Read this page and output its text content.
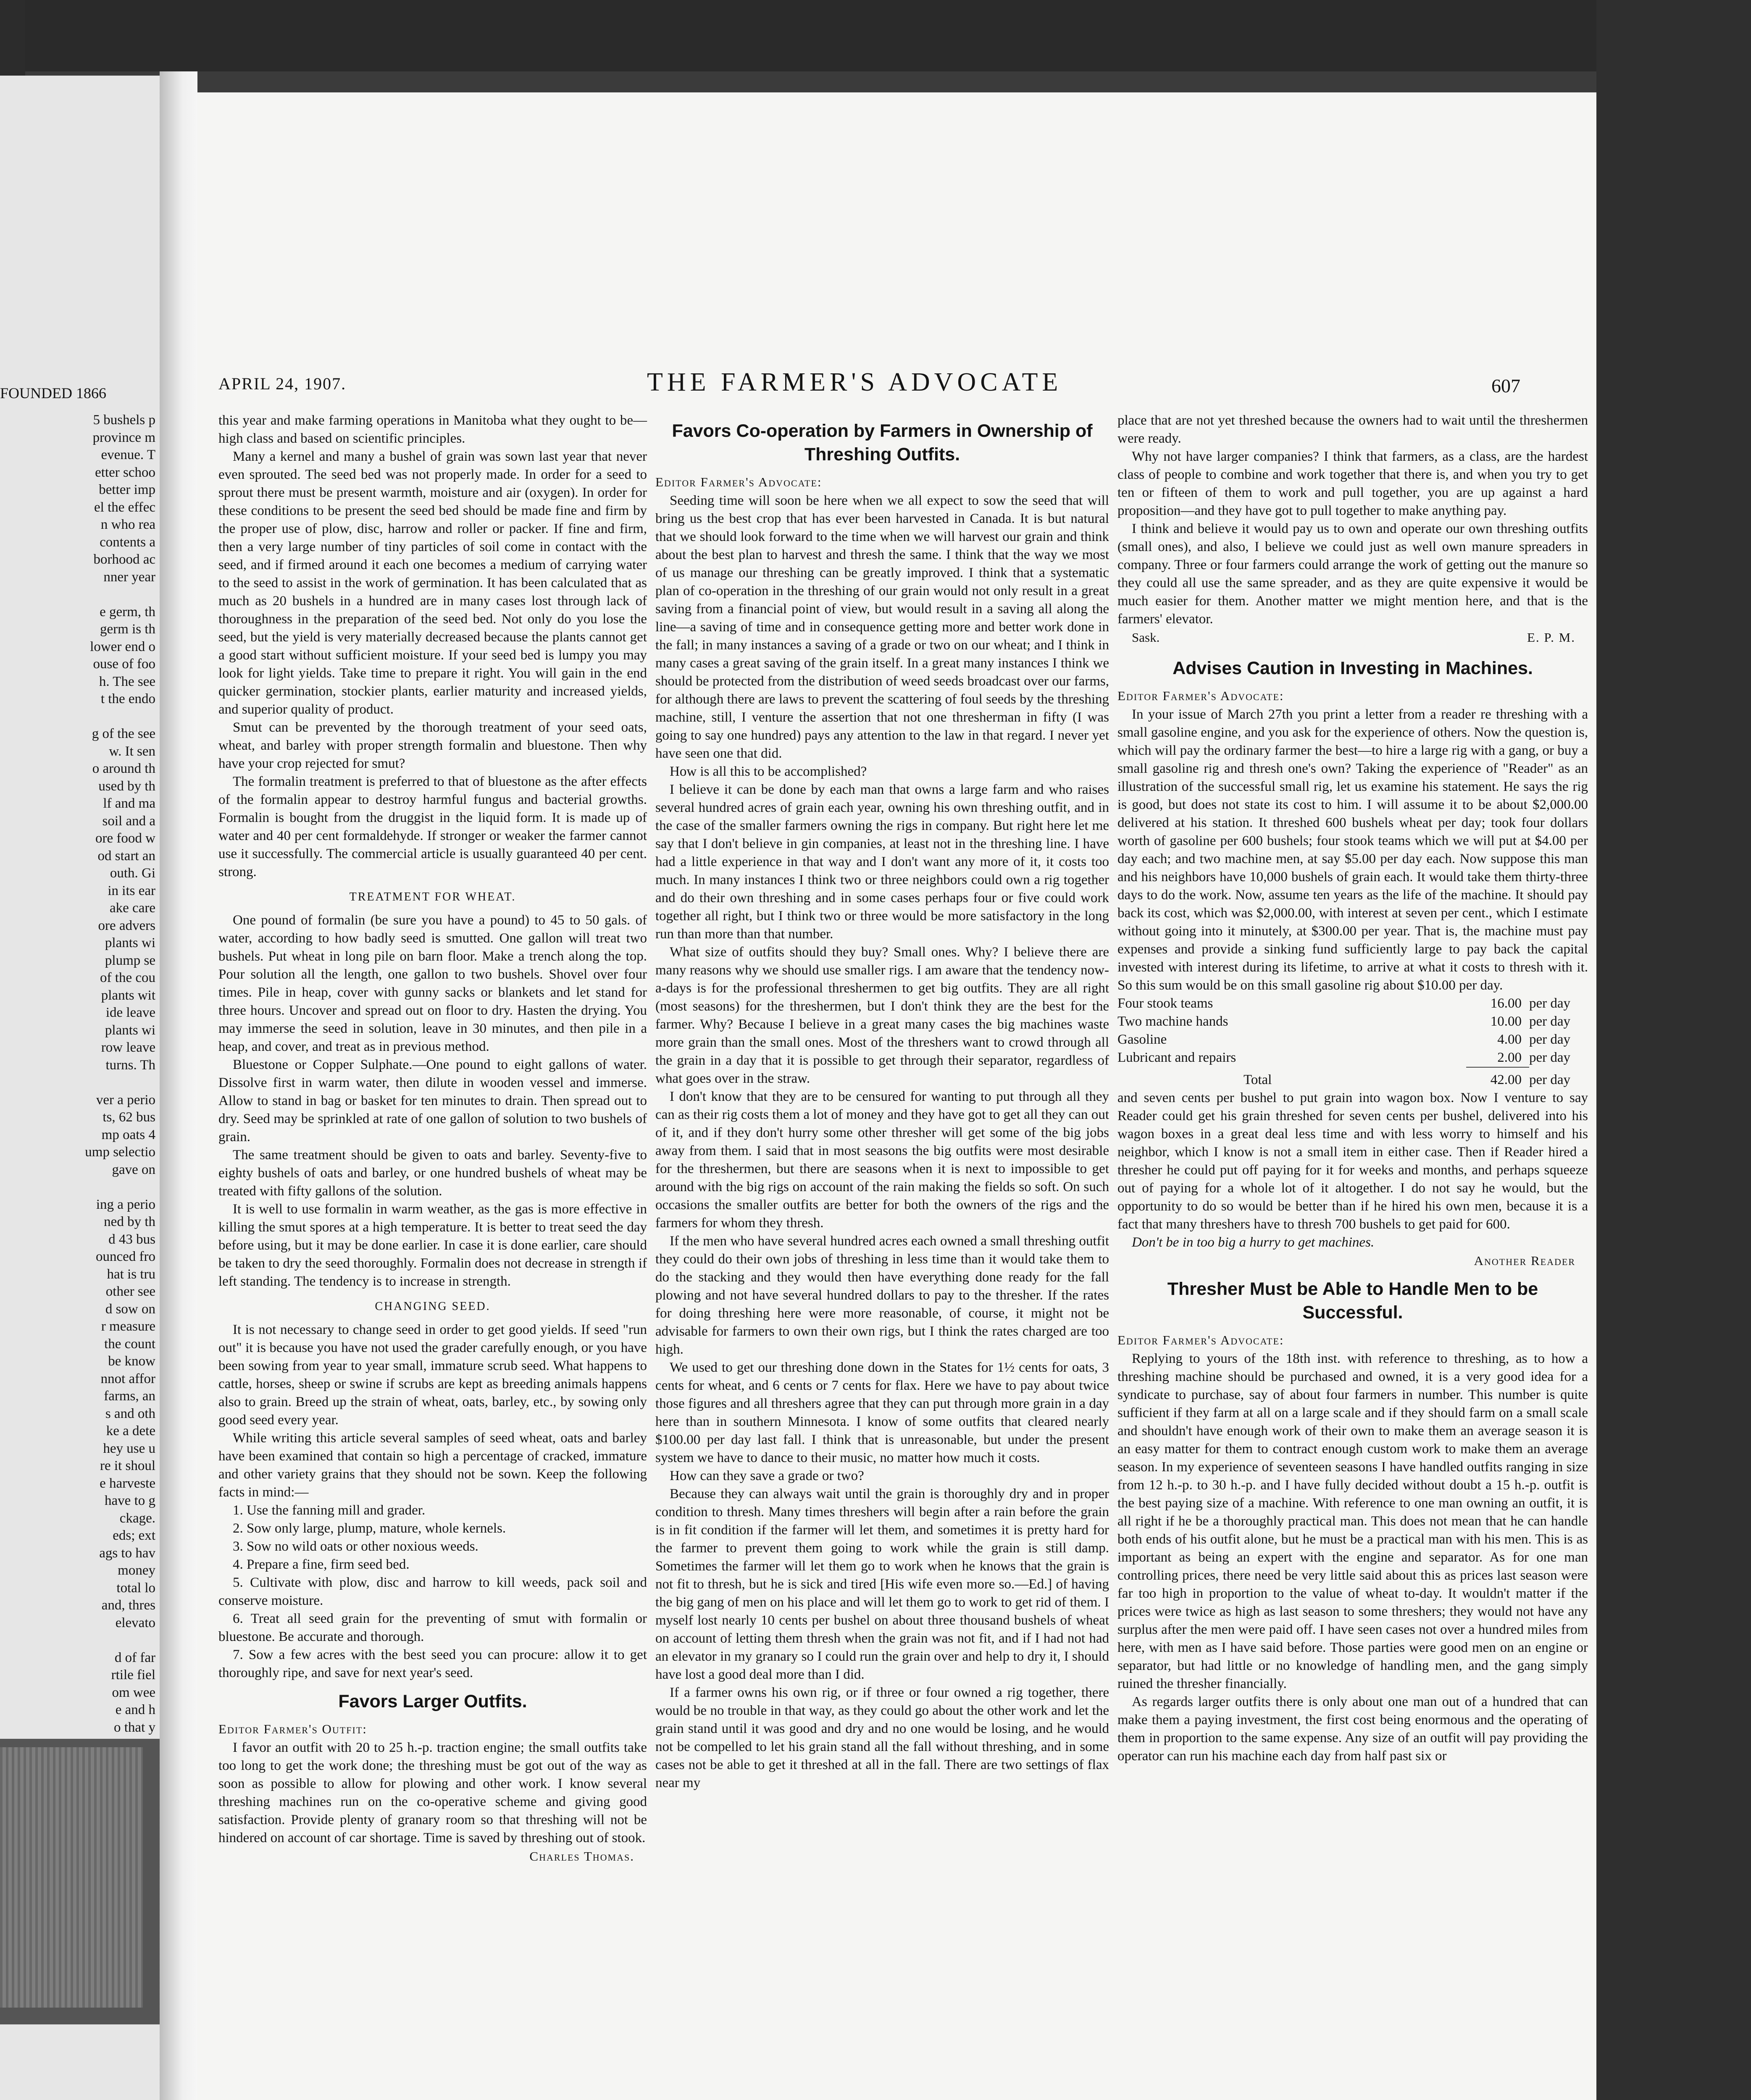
FOUNDED 1866
5 bushels p
province m
evenue. T
etter schoo
better imp
el the effec
n who rea
contents a
borhood ac
nner year
e germ, th
germ is th
lower end o
ouse of foo
h. The see
t the endo
g of the see
w. It sen
o around th
used by th
lf and ma
soil and a
ore food w
od start an
outh. Gi
in its ear
ake care
ore advers
plants wi
plump se
of the cou
plants wit
ide leave
plants wi
row leave
turns. Th
ver a perio
ts, 62 bus
mp oats 4
ump selectio
gave on
ing a perio
ned by th
d 43 bus
ounced fro
hat is tru
other see
d sow on
r measure
the count
be know
nnot affor
farms, an
s and oth
ke a dete
hey use u
re it shoul
e harveste
have to g
ckage.
eds; ext
ags to hav
money
total lo
and, thres
elevato
d of far
rtile fiel
om wee
e and h
o that y
APRIL 24, 1907.	THE FARMER'S ADVOCATE	607

this year and make farming operations in Manitoba what they ought to be—high class and based on scientific principles.

Many a kernel and many a bushel of grain was sown last year that never even sprouted. The seed bed was not properly made. In order for a seed to sprout there must be present warmth, moisture and air (oxygen). In order for these conditions to be present the seed bed should be made fine and firm by the proper use of plow, disc, harrow and roller or packer. If fine and firm, then a very large number of tiny particles of soil come in contact with the seed, and if firmed around it each one becomes a medium of carrying water to the seed to assist in the work of germination. It has been calculated that as much as 20 bushels in a hundred are in many cases lost through lack of thoroughness in the preparation of the seed bed. Not only do you lose the seed, but the yield is very materially decreased because the plants cannot get a good start without sufficient moisture. If your seed bed is lumpy you may look for light yields. Take time to prepare it right. You will gain in the end quicker germination, stockier plants, earlier maturity and increased yields, and superior quality of product.

Smut can be prevented by the thorough treatment of your seed oats, wheat, and barley with proper strength formalin and bluestone. Then why have your crop rejected for smut?

The formalin treatment is preferred to that of bluestone as the after effects of the formalin appear to destroy harmful fungus and bacterial growths. Formalin is bought from the druggist in the liquid form. It is made up of water and 40 per cent formaldehyde. If stronger or weaker the farmer cannot use it successfully. The commercial article is usually guaranteed 40 per cent. strong.

TREATMENT FOR WHEAT.

One pound of formalin (be sure you have a pound) to 45 to 50 gals. of water, according to how badly seed is smutted. One gallon will treat two bushels. Put wheat in long pile on barn floor. Make a trench along the top. Pour solution all the length, one gallon to two bushels. Shovel over four times. Pile in heap, cover with gunny sacks or blankets and let stand for three hours. Uncover and spread out on floor to dry. Hasten the drying. You may immerse the seed in solution, leave in 30 minutes, and then pile in a heap, and cover, and treat as in previous method.

Bluestone or Copper Sulphate.—One pound to eight gallons of water. Dissolve first in warm water, then dilute in wooden vessel and immerse. Allow to stand in bag or basket for ten minutes to drain. Then spread out to dry. Seed may be sprinkled at rate of one gallon of solution to two bushels of grain.

The same treatment should be given to oats and barley. Seventy-five to eighty bushels of oats and barley, or one hundred bushels of wheat may be treated with fifty gallons of the solution.

It is well to use formalin in warm weather, as the gas is more effective in killing the smut spores at a high temperature. It is better to treat seed the day before using, but it may be done earlier. In case it is done earlier, care should be taken to dry the seed thoroughly. Formalin does not decrease in strength if left standing. The tendency is to increase in strength.

CHANGING SEED.

It is not necessary to change seed in order to get good yields. If seed "run out" it is because you have not used the grader carefully enough, or you have been sowing from year to year small, immature scrub seed. What happens to cattle, horses, sheep or swine if scrubs are kept as breeding animals happens also to grain. Breed up the strain of wheat, oats, barley, etc., by sowing only good seed every year.

While writing this article several samples of seed wheat, oats and barley have been examined that contain so high a percentage of cracked, immature and other variety grains that they should not be sown. Keep the following facts in mind:—

1. Use the fanning mill and grader.
2. Sow only large, plump, mature, whole kernels.
3. Sow no wild oats or other noxious weeds.
4. Prepare a fine, firm seed bed.
5. Cultivate with plow, disc and harrow to kill weeds, pack soil and conserve moisture.
6. Treat all seed grain for the preventing of smut with formalin or bluestone. Be accurate and thorough.
7. Sow a few acres with the best seed you can procure: allow it to get thoroughly ripe, and save for next year's seed.
Favors Larger Outfits.
Editor Farmer's Outfit:

I favor an outfit with 20 to 25 h.-p. traction engine; the small outfits take too long to get the work done; the threshing must be got out of the way as soon as possible to allow for plowing and other work. I know several threshing machines run on the co-operative scheme and giving good satisfaction. Provide plenty of granary room so that threshing will not be hindered on account of car shortage. Time is saved by threshing out of stook.

Charles Thomas.
Favors Co-operation by Farmers in Ownership of Threshing Outfits.
Editor Farmer's Advocate:

Seeding time will soon be here when we all expect to sow the seed that will bring us the best crop that has ever been harvested in Canada. It is but natural that we should look forward to the time when we will harvest our grain and think about the best plan to harvest and thresh the same. I think that the way we most of us manage our threshing can be greatly improved. I think that a systematic plan of co-operation in the threshing of our grain would not only result in a great saving from a financial point of view, but would result in a saving all along the line—a saving of time and in consequence getting more and better work done in the fall; in many instances a saving of a grade or two on our wheat; and I think in many cases a great saving of the grain itself. In a great many instances I think we should be protected from the distribution of weed seeds broadcast over our farms, for although there are laws to prevent the scattering of foul seeds by the threshing machine, still, I venture the assertion that not one thresherman in fifty (I was going to say one hundred) pays any attention to the law in that regard. I never yet have seen one that did.

How is all this to be accomplished?

I believe it can be done by each man that owns a large farm and who raises several hundred acres of grain each year, owning his own threshing outfit, and in the case of the smaller farmers owning the rigs in company. But right here let me say that I don't believe in gin companies, at least not in the threshing line. I have had a little experience in that way and I don't want any more of it, it costs too much. In many instances I think two or three neighbors could own a rig together and do their own threshing and in some cases perhaps four or five could work together all right, but I think two or three would be more satisfactory in the long run than more than that number.

What size of outfits should they buy? Small ones. Why? I believe there are many reasons why we should use smaller rigs. I am aware that the tendency now-a-days is for the professional threshermen to get big outfits. They are all right (most seasons) for the threshermen, but I don't think they are the best for the farmer. Why? Because I believe in a great many cases the big machines waste more grain than the small ones. Most of the threshers want to crowd through all the grain in a day that it is possible to get through their separator, regardless of what goes over in the straw.

I don't know that they are to be censured for wanting to put through all they can as their rig costs them a lot of money and they have got to get all they can out of it, and if they don't hurry some other thresher will get some of the big jobs away from them. I said that in most seasons the big outfits were most desirable for the threshermen, but there are seasons when it is next to impossible to get around with the big rigs on account of the rain making the fields so soft. On such occasions the smaller outfits are better for both the owners of the rigs and the farmers for whom they thresh.

If the men who have several hundred acres each owned a small threshing outfit they could do their own jobs of threshing in less time than it would take them to do the stacking and they would then have everything done ready for the fall plowing and not have several hundred dollars to pay to the thresher. If the rates for doing threshing here were more reasonable, of course, it might not be advisable for farmers to own their own rigs, but I think the rates charged are too high.

We used to get our threshing done down in the States for 1½ cents for oats, 3 cents for wheat, and 6 cents or 7 cents for flax. Here we have to pay about twice those figures and all threshers agree that they can put through more grain in a day here than in southern Minnesota. I know of some outfits that cleared nearly $100.00 per day last fall. I think that is unreasonable, but under the present system we have to dance to their music, no matter how much it costs.

How can they save a grade or two?

Because they can always wait until the grain is thoroughly dry and in proper condition to thresh. Many times threshers will begin after a rain before the grain is in fit condition if the farmer will let them, and sometimes it is pretty hard for the farmer to prevent them going to work while the grain is still damp. Sometimes the farmer will let them go to work when he knows that the grain is not fit to thresh, but he is sick and tired [His wife even more so.—Ed.] of having the big gang of men on his place and will let them go to work to get rid of them. I myself lost nearly 10 cents per bushel on about three thousand bushels of wheat on account of letting them thresh when the grain was not fit, and if I had not had an elevator in my granary so I could run the grain over and help to dry it, I should have lost a good deal more than I did.

If a farmer owns his own rig, or if three or four owned a rig together, there would be no trouble in that way, as they could go about the other work and let the grain stand until it was good and dry and no one would be losing, and he would not be compelled to let his grain stand all the fall without threshing, and in some cases not be able to get it threshed at all in the fall. There are two settings of flax near my

place that are not yet threshed because the owners had to wait until the threshermen were ready.

Why not have larger companies? I think that farmers, as a class, are the hardest class of people to combine and work together that there is, and when you try to get ten or fifteen of them to work and pull together, you are up against a hard proposition—and they have got to pull together to make anything pay.

I think and believe it would pay us to own and operate our own threshing outfits (small ones), and also, I believe we could just as well own manure spreaders in company. Three or four farmers could arrange the work of getting out the manure so they could all use the same spreader, and as they are quite expensive it would be much easier for them. Another matter we might mention here, and that is the farmers' elevator.

Sask.	E. P. M.
Advises Caution in Investing in Machines.
Editor Farmer's Advocate:

In your issue of March 27th you print a letter from a reader re threshing with a small gasoline engine, and you ask for the experience of others. Now the question is, which will pay the ordinary farmer the best—to hire a large rig with a gang, or buy a small gasoline rig and thresh one's own? Taking the experience of "Reader" as an illustration of the successful small rig, let us examine his statement. He says the rig is good, but does not state its cost to him. I will assume it to be about $2,000.00 delivered at his station. It threshed 600 bushels wheat per day; took four dollars worth of gasoline per 600 bushels; four stook teams which we will put at $4.00 per day each; and two machine men, at say $5.00 per day each. Now suppose this man and his neighbors have 10,000 bushels of grain each. It would take them thirty-three days to do the work. Now, assume ten years as the life of the machine. It should pay back its cost, which was $2,000.00, with interest at seven per cent., which I estimate without going into it minutely, at $300.00 per year. That is, the machine must pay expenses and provide a sinking fund sufficiently large to pay back the capital invested with interest during its lifetime, to arrive at what it costs to thresh with it. So this sum would be on this small gasoline rig about $10.00 per day.

Four stook teams	16.00	per day
Two machine hands	10.00	per day
Gasoline	4.00	per day
Lubricant and repairs	2.00	per day

Total	42.00	per day

and seven cents per bushel to put grain into wagon box. Now I venture to say Reader could get his grain threshed for seven cents per bushel, delivered into his wagon boxes in a great deal less time and with less worry to himself and his neighbor, which I know is not a small item in either case. Then if Reader hired a thresher he could put off paying for it for weeks and months, and perhaps squeeze out of paying for a whole lot of it altogether. I do not say he would, but the opportunity to do so would be better than if he hired his own men, because it is a fact that many threshers have to thresh 700 bushels to get paid for 600.

Don't be in too big a hurry to get machines.

Another Reader
Thresher Must be Able to Handle Men to be Successful.
Editor Farmer's Advocate:

Replying to yours of the 18th inst. with reference to threshing, as to how a threshing machine should be purchased and owned, it is a very good idea for a syndicate to purchase, say of about four farmers in number. This number is quite sufficient if they farm at all on a large scale and if they should farm on a small scale and shouldn't have enough work of their own to make them an average season it is an easy matter for them to contract enough custom work to make them an average season. In my experience of seventeen seasons I have handled outfits ranging in size from 12 h.-p. to 30 h.-p. and I have fully decided without doubt a 15 h.-p. outfit is the best paying size of a machine. With reference to one man owning an outfit, it is all right if he be a thoroughly practical man. This does not mean that he can handle both ends of his outfit alone, but he must be a practical man with his men. This is as important as being an expert with the engine and separator. As for one man controlling prices, there need be very little said about this as prices last season were far too high in proportion to the value of wheat to-day. It wouldn't matter if the prices were twice as high as last season to some threshers; they would not have any surplus after the men were paid off. I have seen cases not over a hundred miles from here, with men as I have said before. Those parties were good men on an engine or separator, but had little or no knowledge of handling men, and the gang simply ruined the thresher financially.

As regards larger outfits there is only about one man out of a hundred that can make them a paying investment, the first cost being enormous and the operating of them in proportion to the same expense. Any size of an outfit will pay providing the operator can run his machine each day from half past six or
